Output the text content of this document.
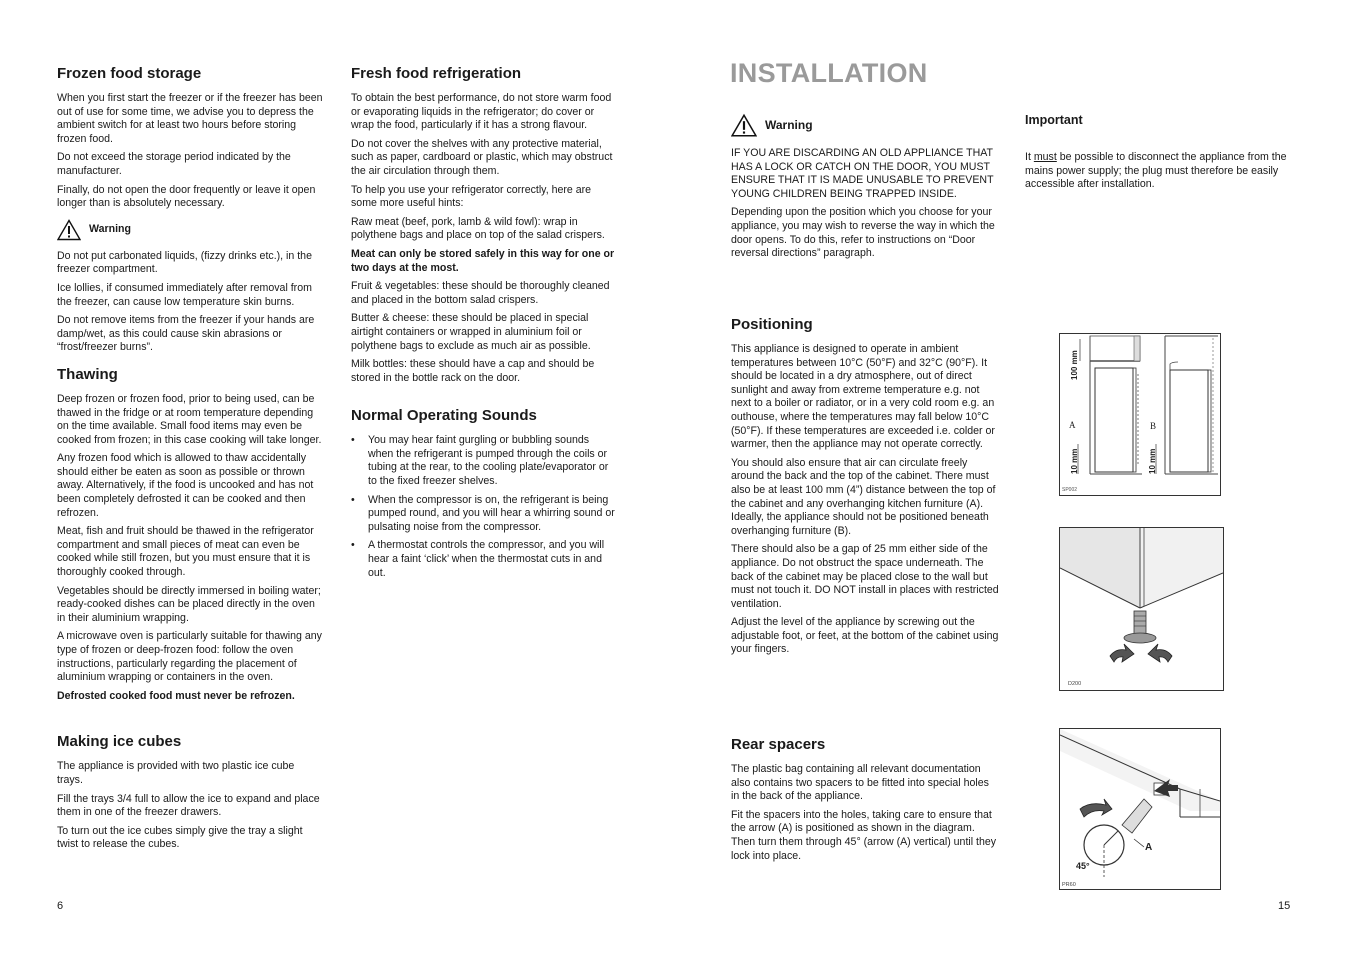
Frozen food storage

When you first start the freezer or if the freezer has been out of use for some time, we advise you to depress the ambient switch for at least two hours before storing frozen food.

Do not exceed the storage period indicated by the manufacturer.

Finally, do not open the door frequently or leave it open longer than is absolutely necessary.

Warning

Do not put carbonated liquids, (fizzy drinks etc.), in the freezer compartment.

Ice lollies, if consumed immediately after removal from the freezer, can cause low temperature skin burns.

Do not remove items from the freezer if your hands are damp/wet, as this could cause skin abrasions or “frost/freezer burns”.

Thawing

Deep frozen or frozen food, prior to being used, can be thawed in the fridge or at room temperature depending on the time available. Small food items may even be cooked from frozen; in this case cooking will take longer.

Any frozen food which is allowed to thaw accidentally should either be eaten as soon as possible or thrown away. Alternatively, if the food is uncooked and has not been completely defrosted it can be cooked and then refrozen.

Meat, fish and fruit should be thawed in the refrigerator compartment and small pieces of meat can even be cooked while still frozen, but you must ensure that it is thoroughly cooked through.

Vegetables should be directly immersed in boiling water; ready-cooked dishes can be placed directly in the oven in their aluminium wrapping.

A microwave oven is particularly suitable for thawing any type of frozen or deep-frozen food: follow the oven instructions, particularly regarding the placement of aluminium wrapping or containers in the oven.

Defrosted cooked food must never be refrozen.

Making ice cubes

The appliance is provided with two plastic ice cube trays.

Fill the trays 3/4 full to allow the ice to expand and place them in one of the freezer drawers.

To turn out the ice cubes simply give the tray a slight twist to release the cubes.

Fresh food refrigeration

To obtain the best performance, do not store warm food or evaporating liquids in the refrigerator; do cover or wrap the food, particularly if it has a strong flavour.

Do not cover the shelves with any protective material, such as paper, cardboard or plastic, which may obstruct the air circulation through them.

To help you use your refrigerator correctly, here are some more useful hints:

Raw meat (beef, pork, lamb & wild fowl): wrap in polythene bags and place on top of the salad crispers.

Meat can only be stored safely in this way for one or two days at the most.

Fruit & vegetables: these should be thoroughly cleaned and placed in the bottom salad crispers.

Butter & cheese: these should be placed in special airtight containers or wrapped in aluminium foil or polythene bags to exclude as much air as possible.

Milk bottles: these should have a cap and should be stored in the bottle rack on the door.

Normal Operating Sounds
• You may hear faint gurgling or bubbling sounds when the refrigerant is pumped through the coils or tubing at the rear, to the cooling plate/evaporator or to the fixed freezer shelves.
• When the compressor is on, the refrigerant is being pumped round, and you will hear a whirring sound or pulsating noise from the compressor.
• A thermostat controls the compressor, and you will hear a faint ‘click’ when the thermostat cuts in and out.
6
INSTALLATION
Warning

IF YOU ARE DISCARDING AN OLD APPLIANCE THAT HAS A LOCK OR CATCH ON THE DOOR, YOU MUST ENSURE THAT IT IS MADE UNUSABLE TO PREVENT YOUNG CHILDREN BEING TRAPPED INSIDE.

Depending upon the position which you choose for your appliance, you may wish to reverse the way in which the door opens. To do this, refer to instructions on “Door reversal directions” paragraph.

Important

It must be possible to disconnect the appliance from the mains power supply; the plug must therefore be easily accessible after installation.

Positioning

This appliance is designed to operate in ambient temperatures between 10°C (50°F) and 32°C (90°F). It should be located in a dry atmosphere, out of direct sunlight and away from extreme temperature e.g. not next to a boiler or radiator, or in a very cold room e.g. an outhouse, where the temperatures may fall below 10°C (50°F). If these temperatures are exceeded i.e. colder or warmer, then the appliance may not operate correctly.

You should also ensure that air can circulate freely around the back and the top of the cabinet. There must also be at least 100 mm (4”) distance between the top of the cabinet and any overhanging kitchen furniture (A). Ideally, the appliance should not be positioned beneath overhanging furniture (B).

There should also be a gap of 25 mm either side of the appliance. Do not obstruct the space underneath. The back of the cabinet may be placed close to the wall but must not touch it. DO NOT install in places with restricted ventilation.

Adjust the level of the appliance by screwing out the adjustable foot, or feet, at the bottom of the cabinet using your fingers.

Rear spacers

The plastic bag containing all relevant documentation also contains two spacers to be fitted into special holes in the back of the appliance.

Fit the spacers into the holes, taking care to ensure that the arrow (A) is positioned as shown in the diagram. Then turn them through 45° (arrow (A) vertical) until they lock into place.

100 mm
10 mm	10 mm
A	B
SP002
D200
A
45°
PR60
15
